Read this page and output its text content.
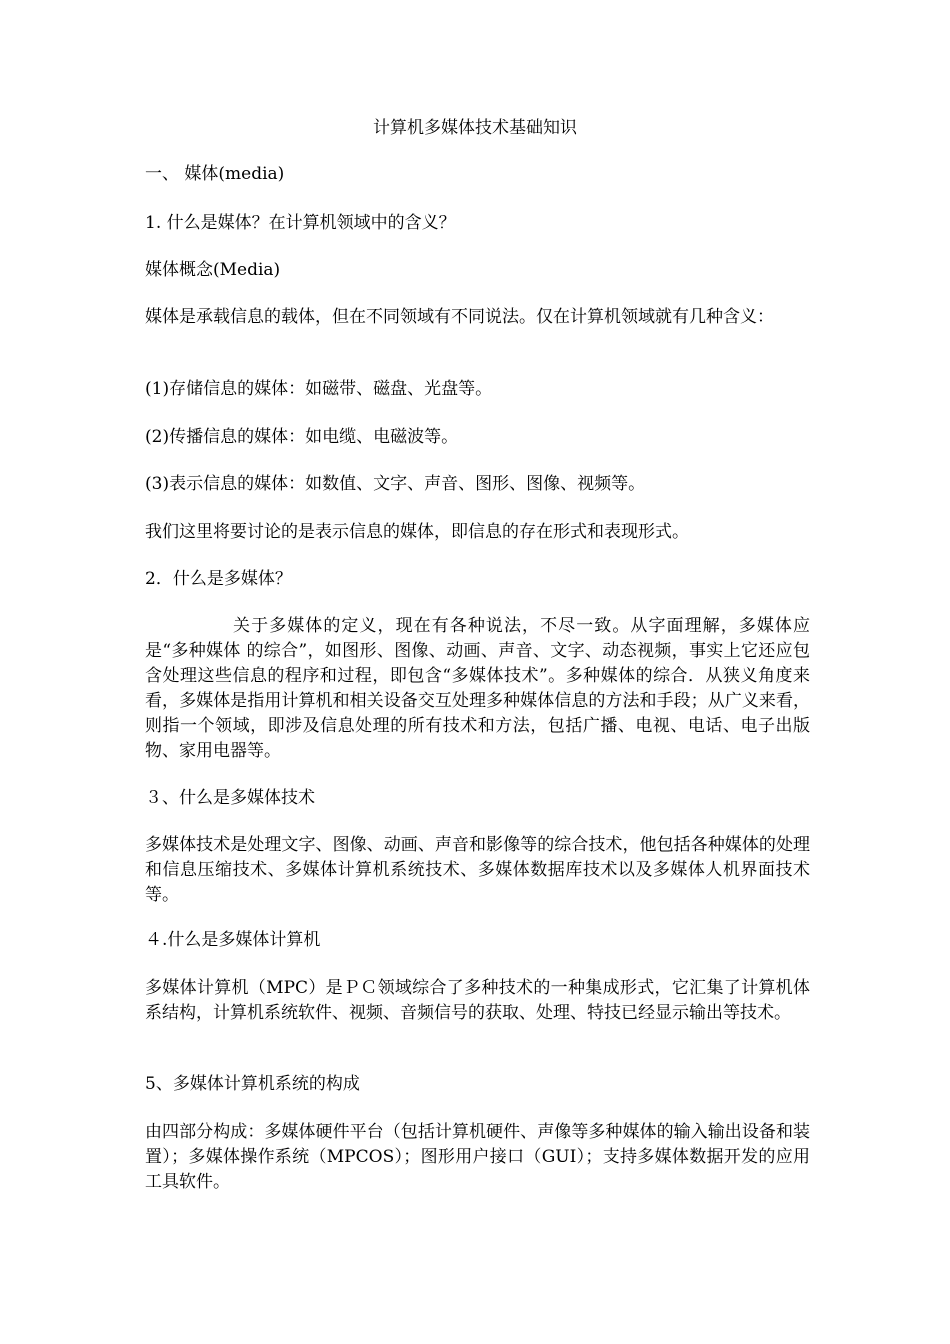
计算机多媒体技术基础知识

一、 媒体(media)

1. 什么是媒体？在计算机领域中的含义？

媒体概念(Media)

媒体是承载信息的载体，但在不同领域有不同说法。仅在计算机领域就有几种含义：

(1)存储信息的媒体：如磁带、磁盘、光盘等。

(2)传播信息的媒体：如电缆、电磁波等。

(3)表示信息的媒体：如数值、文字、声音、图形、图像、视频等。

我们这里将要讨论的是表示信息的媒体，即信息的存在形式和表现形式。

2．什么是多媒体？

关于多媒体的定义，现在有各种说法，不尽一致。从字面理解，多媒体应是“多种媒体 的综合”，如图形、图像、动画、声音、文字、动态视频，事实上它还应包含处理这些信息的程序和过程，即包含“多媒体技术”。多种媒体的综合．从狭义角度来看，多媒体是指用计算机和相关设备交互处理多种媒体信息的方法和手段；从广义来看，则指一个领域，即涉及信息处理的所有技术和方法，包括广播、电视、电话、电子出版物、家用电器等。

３、什么是多媒体技术

多媒体技术是处理文字、图像、动画、声音和影像等的综合技术，他包括各种媒体的处理和信息压缩技术、多媒体计算机系统技术、多媒体数据库技术以及多媒体人机界面技术等。

４.什么是多媒体计算机

多媒体计算机（MPC）是ＰＣ领域综合了多种技术的一种集成形式，它汇集了计算机体系结构，计算机系统软件、视频、音频信号的获取、处理、特技已经显示输出等技术。

5、多媒体计算机系统的构成

由四部分构成：多媒体硬件平台（包括计算机硬件、声像等多种媒体的输入输出设备和装置）；多媒体操作系统（MPCOS）；图形用户接口（GUI）；支持多媒体数据开发的应用工具软件。
